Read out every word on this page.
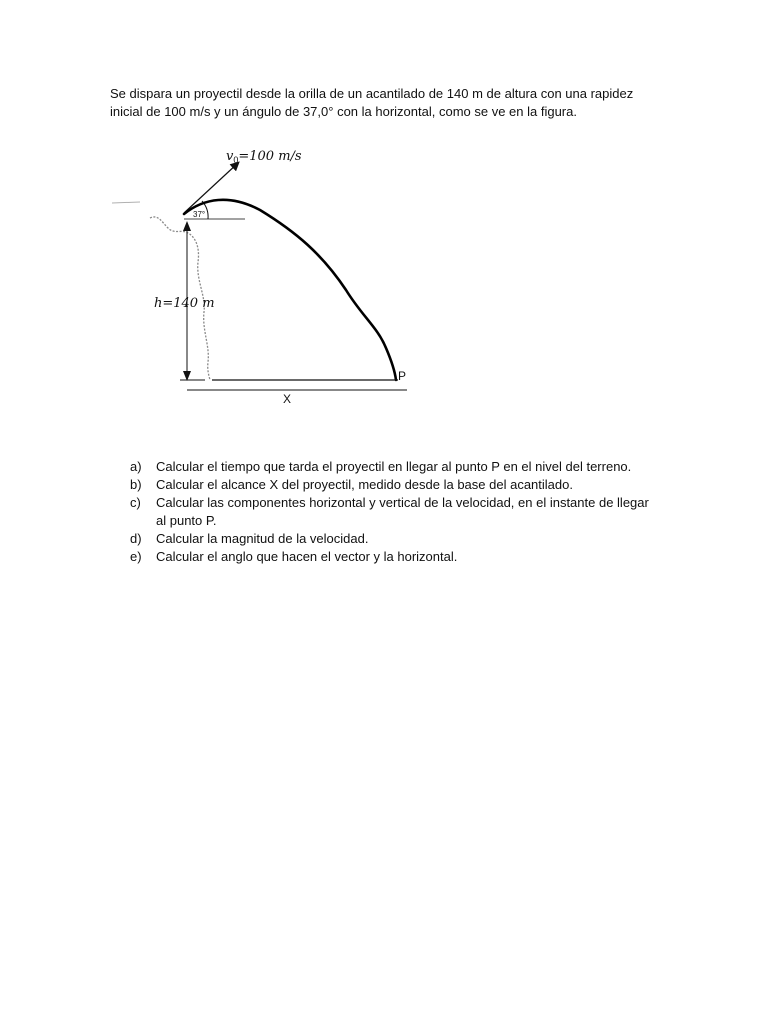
Se dispara un proyectil desde la orilla de un acantilado de 140 m de altura con una rapidez

inicial de 100 m/s y un ángulo de 37,0° con la horizontal, como se ve en la figura.

$v_0=100$ m/s
37°
h=140 m
P
X
a)	Calcular el tiempo que tarda el proyectil en llegar al punto P en el nivel del terreno.
b)	Calcular el alcance X del proyectil, medido desde la base del acantilado.
c)	Calcular las componentes horizontal y vertical de la velocidad, en el instante de llegar al punto P.
d)	Calcular la magnitud de la velocidad.
e)	Calcular el anglo que hacen el vector y la horizontal.
